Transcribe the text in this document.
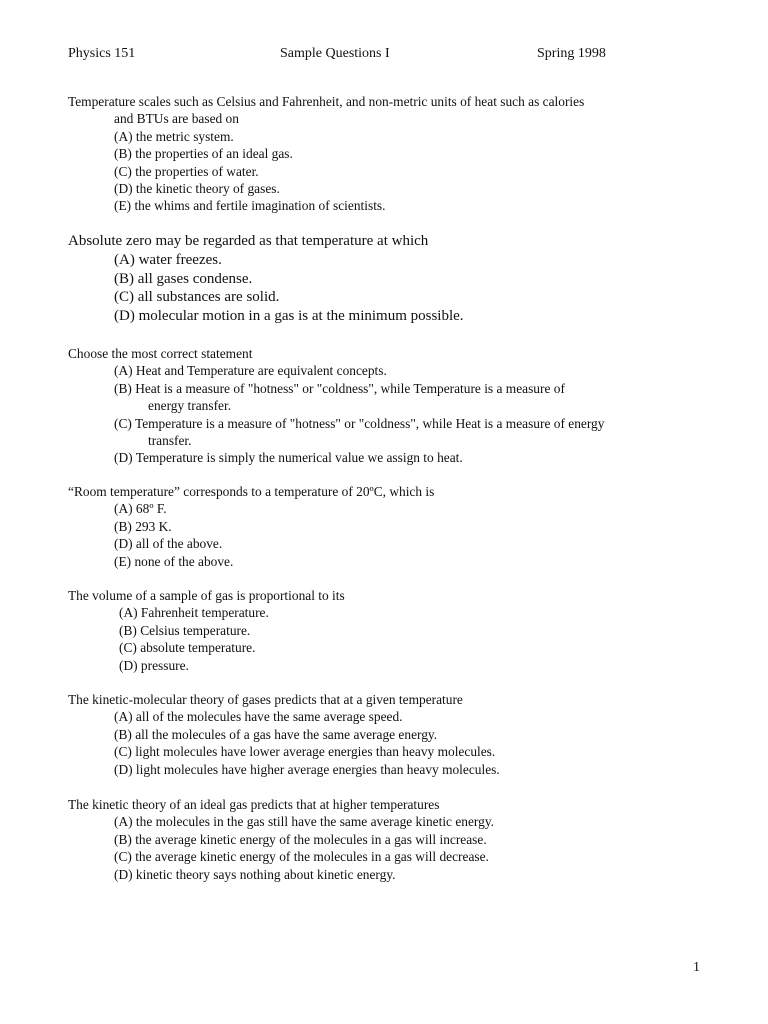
Physics 151	Sample Questions I	Spring 1998

Temperature scales such as Celsius and Fahrenheit, and non-metric units of heat such as calories

and BTUs are based on

(A) the metric system.

(B) the properties of an ideal gas.

(C) the properties of water.

(D) the kinetic theory of gases.

(E) the whims and fertile imagination of scientists.

Absolute zero may be regarded as that temperature at which

(A) water freezes.

(B) all gases condense.

(C) all substances are solid.

(D) molecular motion in a gas is at the minimum possible.

Choose the most correct statement

(A) Heat and Temperature are equivalent concepts.

(B) Heat is a measure of "hotness" or "coldness", while Temperature is a measure of

energy transfer.

(C) Temperature is a measure of "hotness" or "coldness", while Heat is a measure of energy

transfer.

(D) Temperature is simply the numerical value we assign to heat.

“Room temperature” corresponds to a temperature of 20ºC, which is

(A) 68º F.

(B) 293 K.

(D) all of the above.

(E) none of the above.

The volume of a sample of gas is proportional to its

(A) Fahrenheit temperature.

(B) Celsius temperature.

(C) absolute temperature.

(D) pressure.

The kinetic-molecular theory of gases predicts that at a given temperature

(A) all of the molecules have the same average speed.

(B) all the molecules of a gas have the same average energy.

(C) light molecules have lower average energies than heavy molecules.

(D) light molecules have higher average energies than heavy molecules.

The kinetic theory of an ideal gas predicts that at higher temperatures

(A) the molecules in the gas still have the same average kinetic energy.

(B) the average kinetic energy of the molecules in a gas will increase.

(C) the average kinetic energy of the molecules in a gas will decrease.

(D) kinetic theory says nothing about kinetic energy.

1
